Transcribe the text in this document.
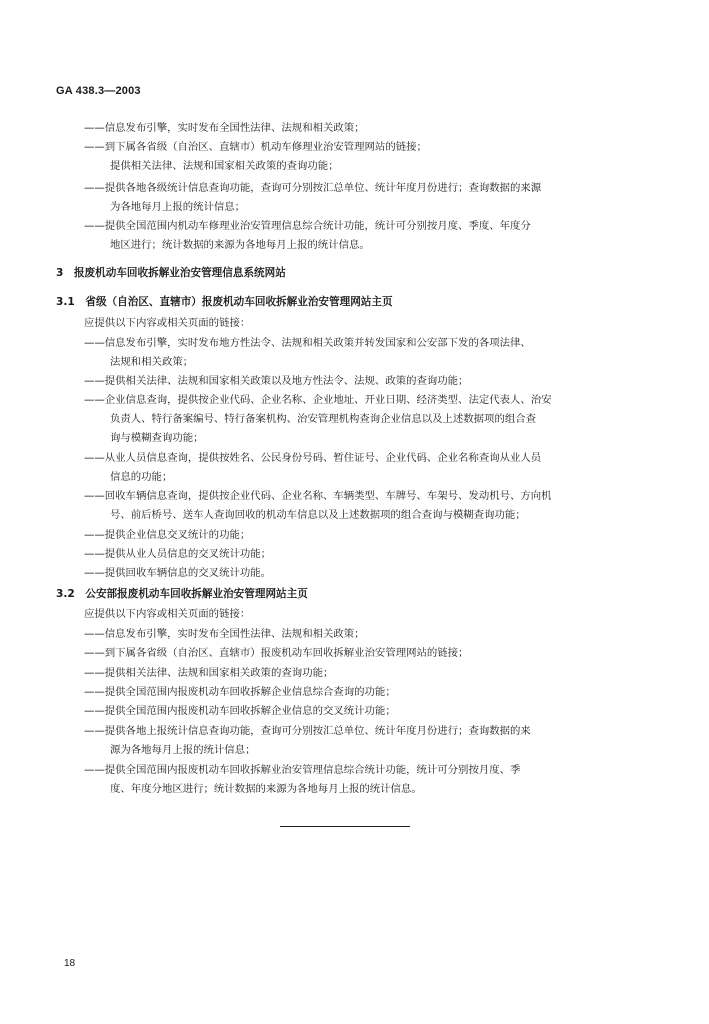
GA 438.3—2003
——信息发布引擎，实时发布全国性法律、法规和相关政策；
——到下属各省级（自治区、直辖市）机动车修理业治安管理网站的链接；
提供相关法律、法规和国家相关政策的查询功能；
——提供各地各级统计信息查询功能，查询可分别按汇总单位、统计年度月份进行；查询数据的来源
为各地每月上报的统计信息；
——提供全国范围内机动车修理业治安管理信息综合统计功能，统计可分别按月度、季度、年度分
地区进行；统计数据的来源为各地每月上报的统计信息。
3　报废机动车回收拆解业治安管理信息系统网站
3.1　省级（自治区、直辖市）报废机动车回收拆解业治安管理网站主页
应提供以下内容或相关页面的链接：
——信息发布引擎，实时发布地方性法令、法规和相关政策并转发国家和公安部下发的各项法律、
法规和相关政策；
——提供相关法律、法规和国家相关政策以及地方性法令、法规、政策的查询功能；
——企业信息查询，提供按企业代码、企业名称、企业地址、开业日期、经济类型、法定代表人、治安
负责人、特行备案编号、特行备案机构、治安管理机构查询企业信息以及上述数据项的组合查
询与模糊查询功能；
——从业人员信息查询，提供按姓名、公民身份号码、暂住证号、企业代码、企业名称查询从业人员
信息的功能；
——回收车辆信息查询，提供按企业代码、企业名称、车辆类型、车牌号、车架号、发动机号、方向机
号、前后桥号、送车人查询回收的机动车信息以及上述数据项的组合查询与模糊查询功能；
——提供企业信息交叉统计的功能；
——提供从业人员信息的交叉统计功能；
——提供回收车辆信息的交叉统计功能。
3.2　公安部报废机动车回收拆解业治安管理网站主页
应提供以下内容或相关页面的链接：
——信息发布引擎，实时发布全国性法律、法规和相关政策；
——到下属各省级（自治区、直辖市）报废机动车回收拆解业治安管理网站的链接；
——提供相关法律、法规和国家相关政策的查询功能；
——提供全国范围内报废机动车回收拆解企业信息综合查询的功能；
——提供全国范围内报废机动车回收拆解企业信息的交叉统计功能；
——提供各地上报统计信息查询功能，查询可分别按汇总单位、统计年度月份进行；查询数据的来
源为各地每月上报的统计信息；
——提供全国范围内报废机动车回收拆解业治安管理信息综合统计功能，统计可分别按月度、季
度、年度分地区进行；统计数据的来源为各地每月上报的统计信息。
18
